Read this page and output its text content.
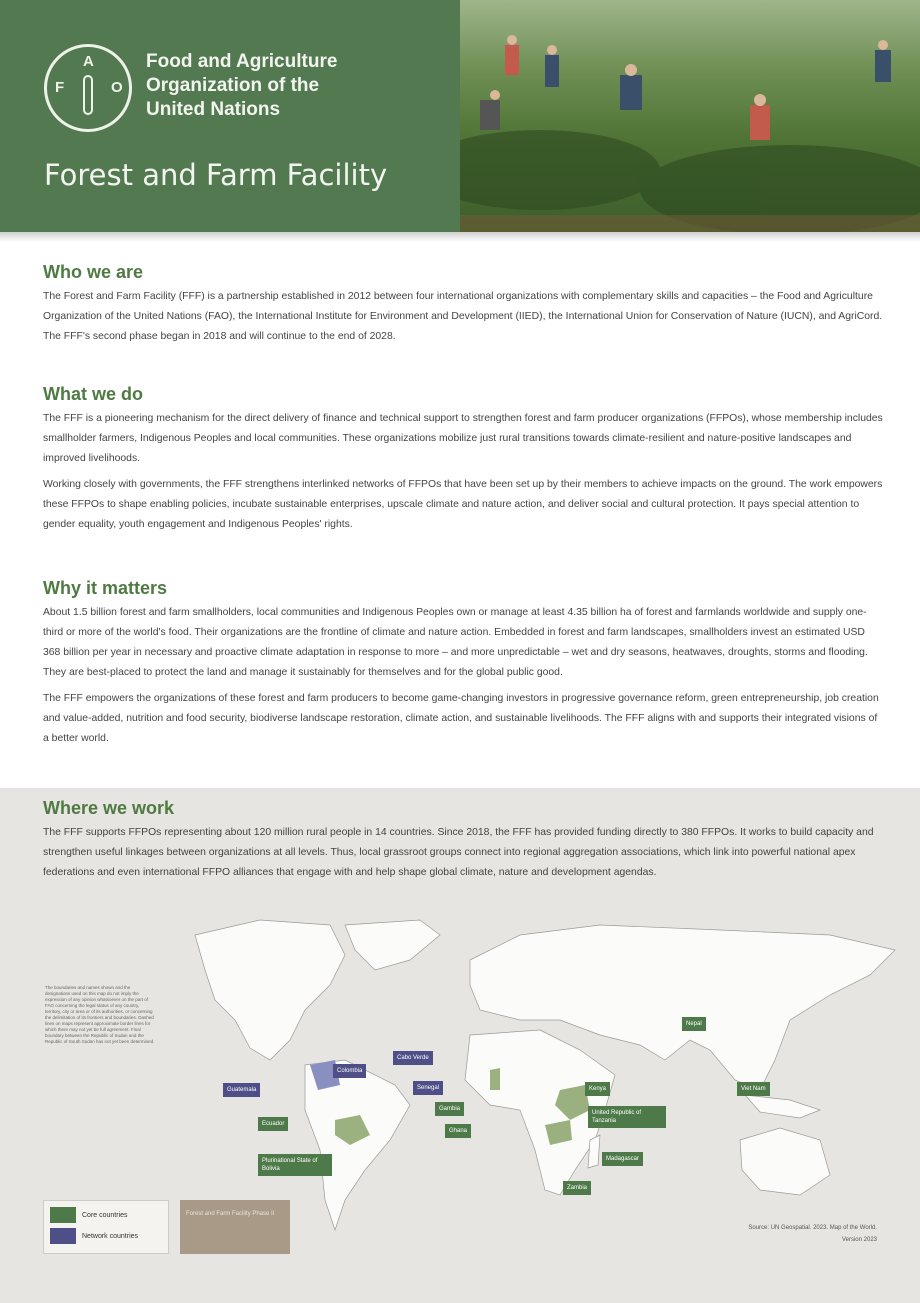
A
F	O
Food and Agriculture
Organization of the
United Nations
Forest and Farm Facility
Who we are

The Forest and Farm Facility (FFF) is a partnership established in 2012 between four international organizations with complementary skills and capacities – the Food and Agriculture Organization of the United Nations (FAO), the International Institute for Environment and Development (IIED), the International Union for Conservation of Nature (IUCN), and AgriCord. The FFF's second phase began in 2018 and will continue to the end of 2028.

What we do

The FFF is a pioneering mechanism for the direct delivery of finance and technical support to strengthen forest and farm producer organizations (FFPOs), whose membership includes smallholder farmers, Indigenous Peoples and local communities. These organizations mobilize just rural transitions towards climate-resilient and nature-positive landscapes and improved livelihoods.

Working closely with governments, the FFF strengthens interlinked networks of FFPOs that have been set up by their members to achieve impacts on the ground. The work empowers these FFPOs to shape enabling policies, incubate sustainable enterprises, upscale climate and nature action, and deliver social and cultural protection. It pays special attention to gender equality, youth engagement and Indigenous Peoples' rights.

Why it matters

About 1.5 billion forest and farm smallholders, local communities and Indigenous Peoples own or manage at least 4.35 billion ha of forest and farmlands worldwide and supply one-third or more of the world's food. Their organizations are the frontline of climate and nature action. Embedded in forest and farm landscapes, smallholders invest an estimated USD 368 billion per year in necessary and proactive climate adaptation in response to more – and more unpredictable – wet and dry seasons, heatwaves, droughts, storms and flooding. They are best-placed to protect the land and manage it sustainably for themselves and for the global public good.

The FFF empowers the organizations of these forest and farm producers to become game-changing investors in progressive governance reform, green entrepreneurship, job creation and value-added, nutrition and food security, biodiverse landscape restoration, climate action, and sustainable livelihoods. The FFF aligns with and supports their integrated visions of a better world.

Where we work

The FFF supports FFPOs representing about 120 million rural people in 14 countries. Since 2018, the FFF has provided funding directly to 380 FFPOs. It works to build capacity and strengthen useful linkages between organizations at all levels. Thus, local grassroot groups connect into regional aggregation associations, which link into powerful national apex federations and even international FFPO alliances that engage with and help shape global climate, nature and development agendas.

Guatemala
Colombia
Cabo Verde
Senegal
Ecuador
Plurinational State of Bolivia
Gambia
Ghana
Nepal
Kenya	Viet Nam
United Republic of Tanzania
Madagascar
Zambia
The boundaries and names shown and the designations used on this map do not imply the expression of any opinion whatsoever on the part of FAO concerning the legal status of any country, territory, city or area or of its authorities, or concerning the delimitation of its frontiers and boundaries. Dashed lines on maps represent approximate border lines for which there may not yet be full agreement. Final boundary between the Republic of Sudan and the Republic of South Sudan has not yet been determined.
Core countries
Network countries
Forest and Farm Facility Phase II
Source: UN Geospatial. 2023. Map of the World.
Version 2023
